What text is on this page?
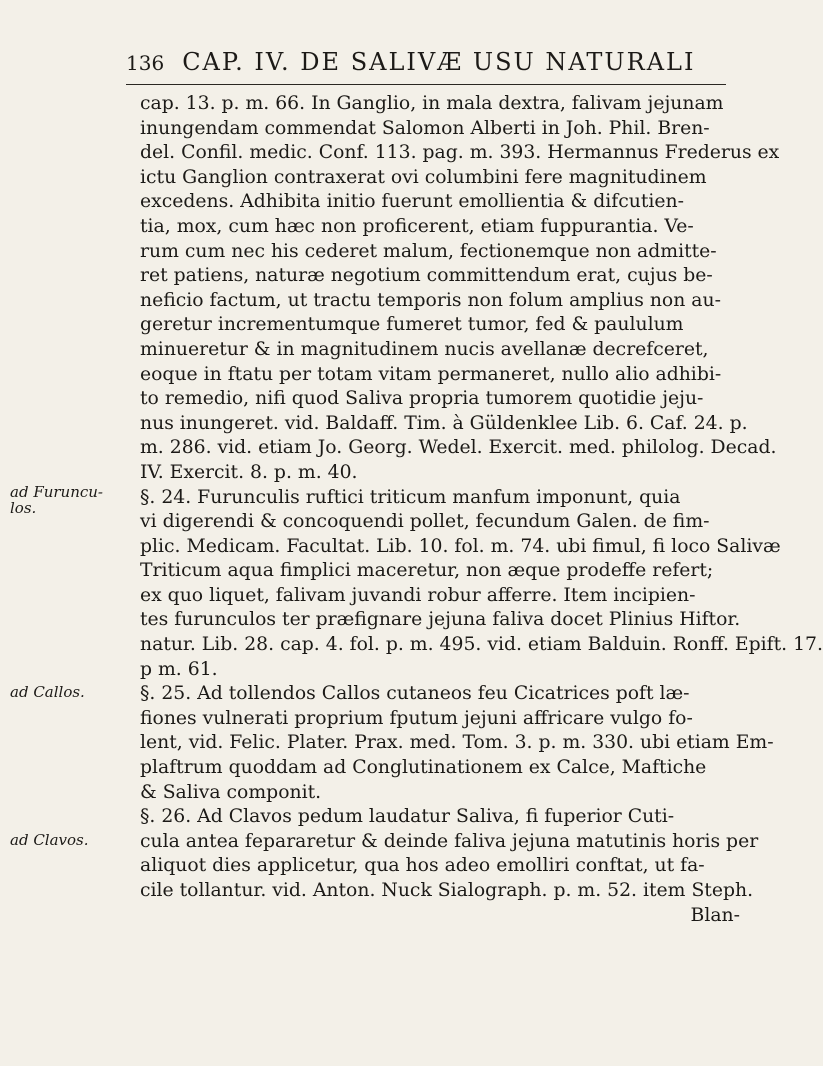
136 CAP. IV. DE SALIVÆ USU NATURALI
ad Furuncu-
los.
ad Callos.
ad Clavos.
cap. 13. p. m. 66. In Ganglio, in mala dextra, falivam jejunam
inungendam commendat Salomon Alberti in Joh. Phil. Bren-
del. Confil. medic. Conf. 113. pag. m. 393. Hermannus Frederus ex
ictu Ganglion contraxerat ovi columbini fere magnitudinem
excedens. Adhibita initio fuerunt emollientia & difcutien-
tia, mox, cum hæc non proficerent, etiam fuppurantia. Ve-
rum cum nec his cederet malum, fectionemque non admitte-
ret patiens, naturæ negotium committendum erat, cujus be-
neficio factum, ut tractu temporis non folum amplius non au-
geretur incrementumque fumeret tumor, fed & paululum
minueretur & in magnitudinem nucis avellanæ decrefceret,
eoque in ftatu per totam vitam permaneret, nullo alio adhibi-
to remedio, nifi quod Saliva propria tumorem quotidie jeju-
nus inungeret. vid. Baldaff. Tim. à Güldenklee Lib. 6. Caf. 24. p.
m. 286. vid. etiam Jo. Georg. Wedel. Exercit. med. philolog. Decad.
IV. Exercit. 8. p. m. 40.
§. 24. Furunculis ruftici triticum manfum imponunt, quia
vi digerendi & concoquendi pollet, fecundum Galen. de fim-
plic. Medicam. Facultat. Lib. 10. fol. m. 74. ubi fimul, fi loco Salivæ
Triticum aqua fimplici maceretur, non æque prodeffe refert;
ex quo liquet, falivam juvandi robur afferre. Item incipien-
tes furunculos ter præfignare jejuna faliva docet Plinius Hiftor.
natur. Lib. 28. cap. 4. fol. p. m. 495. vid. etiam Balduin. Ronff. Epift. 17.
p m. 61.
§. 25. Ad tollendos Callos cutaneos feu Cicatrices poft læ-
fiones vulnerati proprium fputum jejuni affricare vulgo fo-
lent, vid. Felic. Plater. Prax. med. Tom. 3. p. m. 330. ubi etiam Em-
plaftrum quoddam ad Conglutinationem ex Calce, Maftiche
& Saliva componit.
§. 26. Ad Clavos pedum laudatur Saliva, fi fuperior Cuti-
cula antea fepararetur & deinde faliva jejuna matutinis horis per
aliquot dies applicetur, qua hos adeo emolliri conftat, ut fa-
cile tollantur. vid. Anton. Nuck Sialograph. p. m. 52. item Steph.
Blan-
